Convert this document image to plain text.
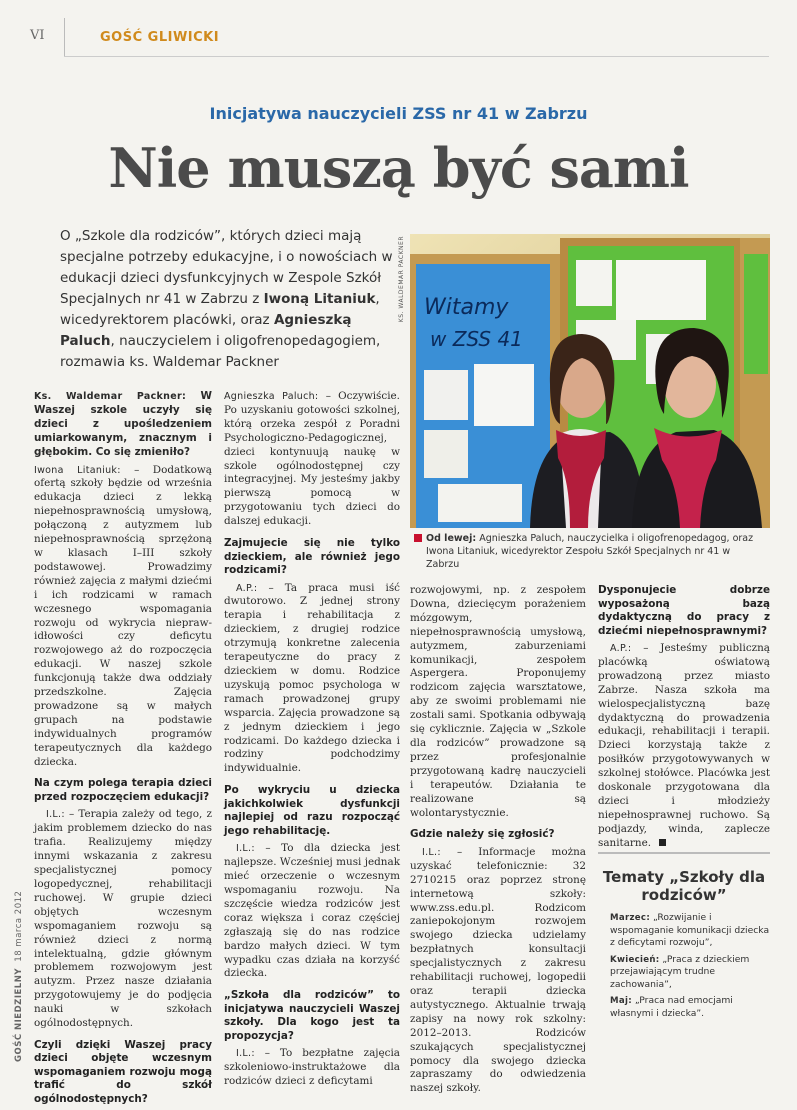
VI	GOŚĆ GLIWICKI
Inicjatywa nauczycieli ZSS nr 41 w Zabrzu
Nie muszą być sami
O „Szkole dla rodziców”, których dzieci mają specjalne potrzeby edukacyjne, i o nowościach w edukacji dzieci dysfunkcyjnych w Zespole Szkół Specjalnych nr 41 w Zabrzu z Iwoną Litaniuk, wicedyrektorem placówki, oraz Agnieszką Paluch, nauczycielem i oligofrenopedagogiem, rozmawia ks. Waldemar Packner
KS. WALDEMAR PACKNER Witamy
w ZSS 41
Od lewej: Agnieszka Paluch, nauczycielka i oligofrenopedagog, oraz Iwona Litaniuk, wicedyrektor Zespołu Szkół Specjalnych nr 41 w Zabrzu

Ks. Waldemar Packner: W Waszej szkole uczyły się dzieci z upośledzeniem umiarkowanym, znacznym i głębokim. Co się zmieniło?

Iwona Litaniuk: – Dodatkową ofertą szkoły będzie od września edukacja dzieci z lekką niepełnosprawnością umysłową, połączoną z autyzmem lub niepełnosprawnością sprzężoną w klasach I–III szkoły podstawowej. Prowadzimy również zajęcia z małymi dziećmi i ich rodzicami w ramach wczesnego wspomagania rozwoju od wykrycia nieprawidłowości czy deficytu rozwojowego aż do rozpoczęcia edukacji. W naszej szkole funkcjonują także dwa oddziały przedszkolne. Zajęcia prowadzone są w małych grupach na podstawie indywidualnych programów terapeutycznych dla każdego dziecka.

Na czym polega terapia dzieci przed rozpoczęciem edukacji?

I.L.: – Terapia zależy od tego, z jakim problemem dziecko do nas trafia. Realizujemy między innymi wskazania z zakresu specjalistycznej pomocy logopedycznej, rehabilitacji ruchowej. W grupie dzieci objętych wczesnym wspomaganiem rozwoju są również dzieci z normą intelektualną, gdzie głównym problemem rozwojowym jest autyzm. Przez nasze działania przygotowujemy je do podjęcia nauki w szkołach ogólnodostępnych.

Czyli dzięki Waszej pracy dzieci objęte wczesnym wspomaganiem rozwoju mogą trafić do szkół ogólnodostępnych?

Agnieszka Paluch: – Oczywiście. Po uzyskaniu gotowości szkolnej, którą orzeka zespół z Poradni Psychologiczno-Pedagogicznej, dzieci kontynuują naukę w szkole ogólnodostępnej czy integracyjnej. My jesteśmy jakby pierwszą pomocą w przygotowaniu tych dzieci do dalszej edukacji.

Zajmujecie się nie tylko dzieckiem, ale również jego rodzicami?

A.P.: – Ta praca musi iść dwutorowo. Z jednej strony terapia i rehabilitacja z dzieckiem, z drugiej rodzice otrzymują konkretne zalecenia terapeutyczne do pracy z dzieckiem w domu. Rodzice uzyskują pomoc psychologa w ramach prowadzonej grupy wsparcia. Zajęcia prowadzone są z jednym dzieckiem i jego rodzicami. Do każdego dziecka i rodziny podchodzimy indywidualnie.

Po wykryciu u dziecka jakichkolwiek dysfunkcji najlepiej od razu rozpocząć jego rehabilitację.

I.L.: – To dla dziecka jest najlepsze. Wcześniej musi jednak mieć orzeczenie o wczesnym wspomaganiu rozwoju. Na szczęście wiedza rodziców jest coraz większa i coraz częściej zgłaszają się do nas rodzice bardzo małych dzieci. W tym wypadku czas działa na korzyść dziecka.

„Szkoła dla rodziców” to inicjatywa nauczycieli Waszej szkoły. Dla kogo jest ta propozycja?

I.L.: – To bezpłatne zajęcia szkoleniowo-instruktażowe dla rodziców dzieci z deficytami

rozwojowymi, np. z zespołem Downa, dziecięcym porażeniem mózgowym, niepełnosprawnością umysłową, autyzmem, zaburzeniami komunikacji, zespołem Aspergera. Proponujemy rodzicom zajęcia warsztatowe, aby ze swoimi problemami nie zostali sami. Spotkania odbywają się cyklicznie. Zajęcia w „Szkole dla rodziców” prowadzone są przez profesjonalnie przygotowaną kadrę nauczycieli i terapeutów. Działania te realizowane są wolontarystycznie.

Gdzie należy się zgłosić?

I.L.: – Informacje można uzyskać telefonicznie: 32 2710215 oraz poprzez stronę internetową szkoły: www.zss.edu.pl. Rodzicom zaniepokojonym rozwojem swojego dziecka udzielamy bezpłatnych konsultacji specjalistycznych z zakresu rehabilitacji ruchowej, logopedii oraz terapii dziecka autystycznego. Aktualnie trwają zapisy na nowy rok szkolny: 2012–2013. Rodziców szukających specjalistycznej pomocy dla swojego dziecka zapraszamy do odwiedzenia naszej szkoły.

Dysponujecie dobrze wyposażoną bazą dydaktyczną do pracy z dziećmi niepełnosprawnymi?

A.P.: – Jesteśmy publiczną placówką oświatową prowadzoną przez miasto Zabrze. Nasza szkoła ma wielospecjalistyczną bazę dydaktyczną do prowadzenia edukacji, rehabilitacji i terapii. Dzieci korzystają także z posiłków przygotowywanych w szkolnej stołówce. Placówka jest doskonale przygotowana dla dzieci i młodzieży niepełnosprawnej ruchowo. Są podjazdy, winda, zaplecze sanitarne.

Tematy „Szkoły dla rodziców”
Marzec: „Rozwijanie i wspomaganie komunikacji dziecka z deficytami rozwoju”,
Kwiecień: „Praca z dzieckiem przejawiającym trudne zachowania”,
Maj: „Praca nad emocjami własnymi i dziecka”.
GOŚĆ NIEDZIELNY  18 marca 2012
